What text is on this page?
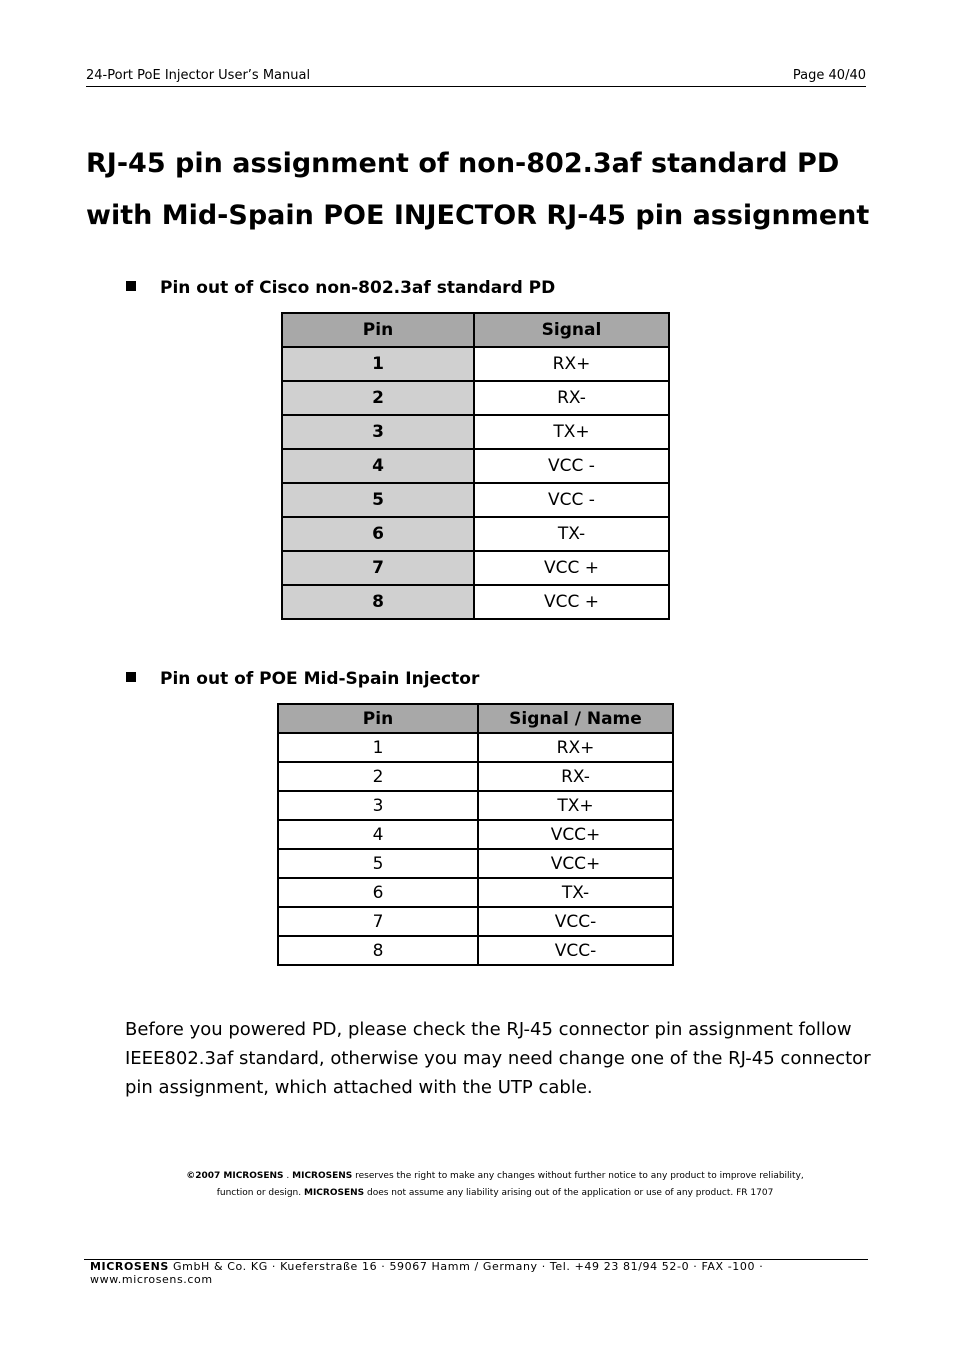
24-Port PoE Injector User’s Manual	Page 40/40
RJ-45 pin assignment of non-802.3af standard PD
with Mid-Spain POE INJECTOR RJ-45 pin assignment
Pin out of Cisco non-802.3af standard PD
Pin	Signal
1	RX+
2	RX-
3	TX+
4	VCC -
5	VCC -
6	TX-
7	VCC +
8	VCC +
Pin out of POE Mid-Spain Injector
Pin	Signal / Name
1	RX+
2	RX-
3	TX+
4	VCC+
5	VCC+
6	TX-
7	VCC-
8	VCC-

Before you powered PD, please check the RJ-45 connector pin assignment follow IEEE802.3af standard, otherwise you may need change one of the RJ-45 connector pin assignment, which attached with the UTP cable.

©2007 MICROSENS . MICROSENS reserves the right to make any changes without further notice to any product to improve reliability,
function or design. MICROSENS does not assume any liability arising out of the application or use of any product. FR 1707
MICROSENS GmbH & Co. KG · Kueferstraße 16 · 59067 Hamm / Germany · Tel. +49 23 81/94 52-0 · FAX -100 · www.microsens.com
